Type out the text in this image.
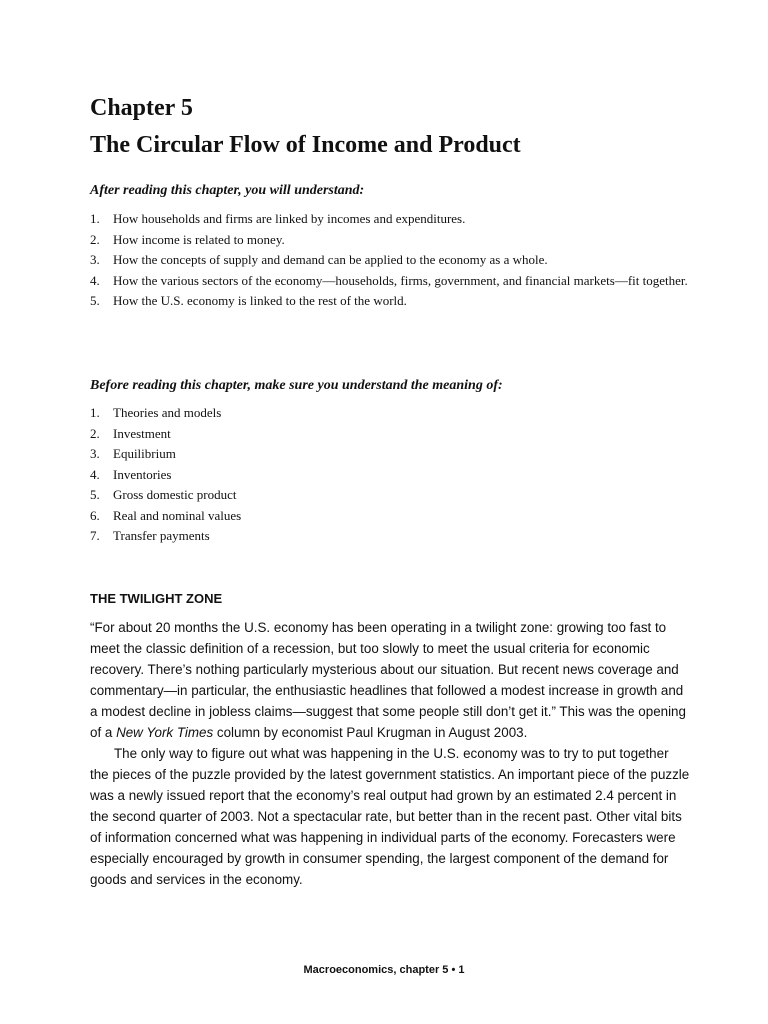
Chapter 5
The Circular Flow of Income and Product

After reading this chapter, you will understand:

1. How households and firms are linked by incomes and expenditures.
2. How income is related to money.
3. How the concepts of supply and demand can be applied to the economy as a whole.
4. How the various sectors of the economy—households, firms, government, and financial markets—fit together.
5. How the U.S. economy is linked to the rest of the world.

Before reading this chapter, make sure you understand the meaning of:

1. Theories and models
2. Investment
3. Equilibrium
4. Inventories
5. Gross domestic product
6. Real and nominal values
7. Transfer payments
THE TWILIGHT ZONE

“For about 20 months the U.S. economy has been operating in a twilight zone: growing too fast to meet the classic definition of a recession, but too slowly to meet the usual criteria for economic recovery. There’s nothing particularly mysterious about our situation. But recent news coverage and commentary—in particular, the enthusiastic headlines that followed a modest increase in growth and a modest decline in jobless claims—suggest that some people still don’t get it.” This was the opening of a New York Times column by economist Paul Krugman in August 2003.

The only way to figure out what was happening in the U.S. economy was to try to put together the pieces of the puzzle provided by the latest government statistics. An important piece of the puzzle was a newly issued report that the economy’s real output had grown by an estimated 2.4 percent in the second quarter of 2003. Not a spectacular rate, but better than in the recent past. Other vital bits of information concerned what was happening in individual parts of the economy. Forecasters were especially encouraged by growth in consumer spending, the largest component of the demand for goods and services in the economy.

Macroeconomics, chapter 5 • 1
